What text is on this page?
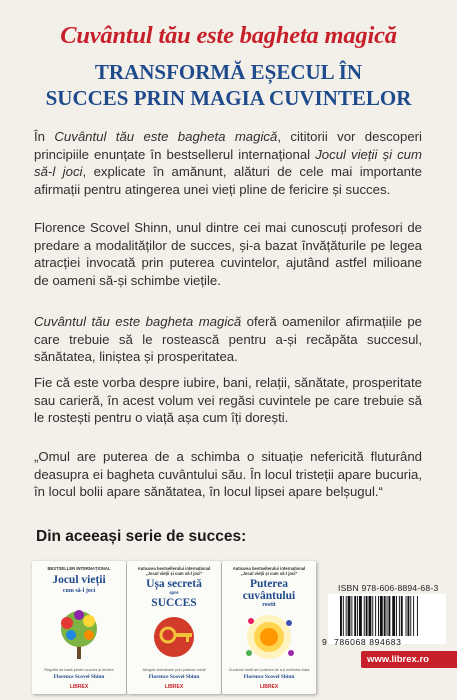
Cuvântul tău este bagheta magică
TRANSFORMĂ EȘECUL ÎN
SUCCES PRIN MAGIA CUVINTELOR

În Cuvântul tău este bagheta magică, cititorii vor descoperi principiile enunțate în bestsellerul internațional Jocul vieții și cum să-l joci, explicate în amănunt, alături de cele mai importante afirmații pentru atingerea unei vieți pline de fericire și succes.

Florence Scovel Shinn, unul dintre cei mai cunoscuți profesori de predare a modalităților de succes, și-a bazat învățăturile pe legea atracției invocată prin puterea cuvintelor, ajutând astfel milioane de oameni să-și schimbe viețile.

Cuvântul tău este bagheta magică oferă oamenilor afirmațiile pe care trebuie să le rostească pentru a-și recăpăta succesul, sănătatea, liniștea și prosperitatea.

Fie că este vorba despre iubire, bani, relații, sănătate, prosperitate sau carieră, în acest volum vei regăsi cuvintele pe care trebuie să le rostești pentru o viață așa cum îți dorești.

„Omul are puterea de a schimba o situație nefericită fluturând deasupra ei bagheta cuvântului său. În locul tristeții apare bucuria, în locul bolii apare sănătatea, în locul lipsei apare belșugul.“

Din aceeași serie de succes:
BESTSELLER INTERNAȚIONAL
Jocul vieții
cum să-l joci
Regulile de bază pentru succes și fericire
Florence Scovel Shinn
LIBREX
Autoarea bestsellerului internațional „Jocul vieții și cum să-l joci”
Ușa secretă
spre
SUCCES
Atingeți obiectivele prin puterea minții
Florence Scovel Shinn
LIBREX
Autoarea bestsellerului internațional „Jocul vieții și cum să-l joci”
Puterea
cuvântului
rostit
Cuvântul rostit are puterea de a-ți schimba viața
Florence Scovel Shinn
LIBREX
ISBN 978-606-8894-68-3
9 786068 894683
www.librex.ro
